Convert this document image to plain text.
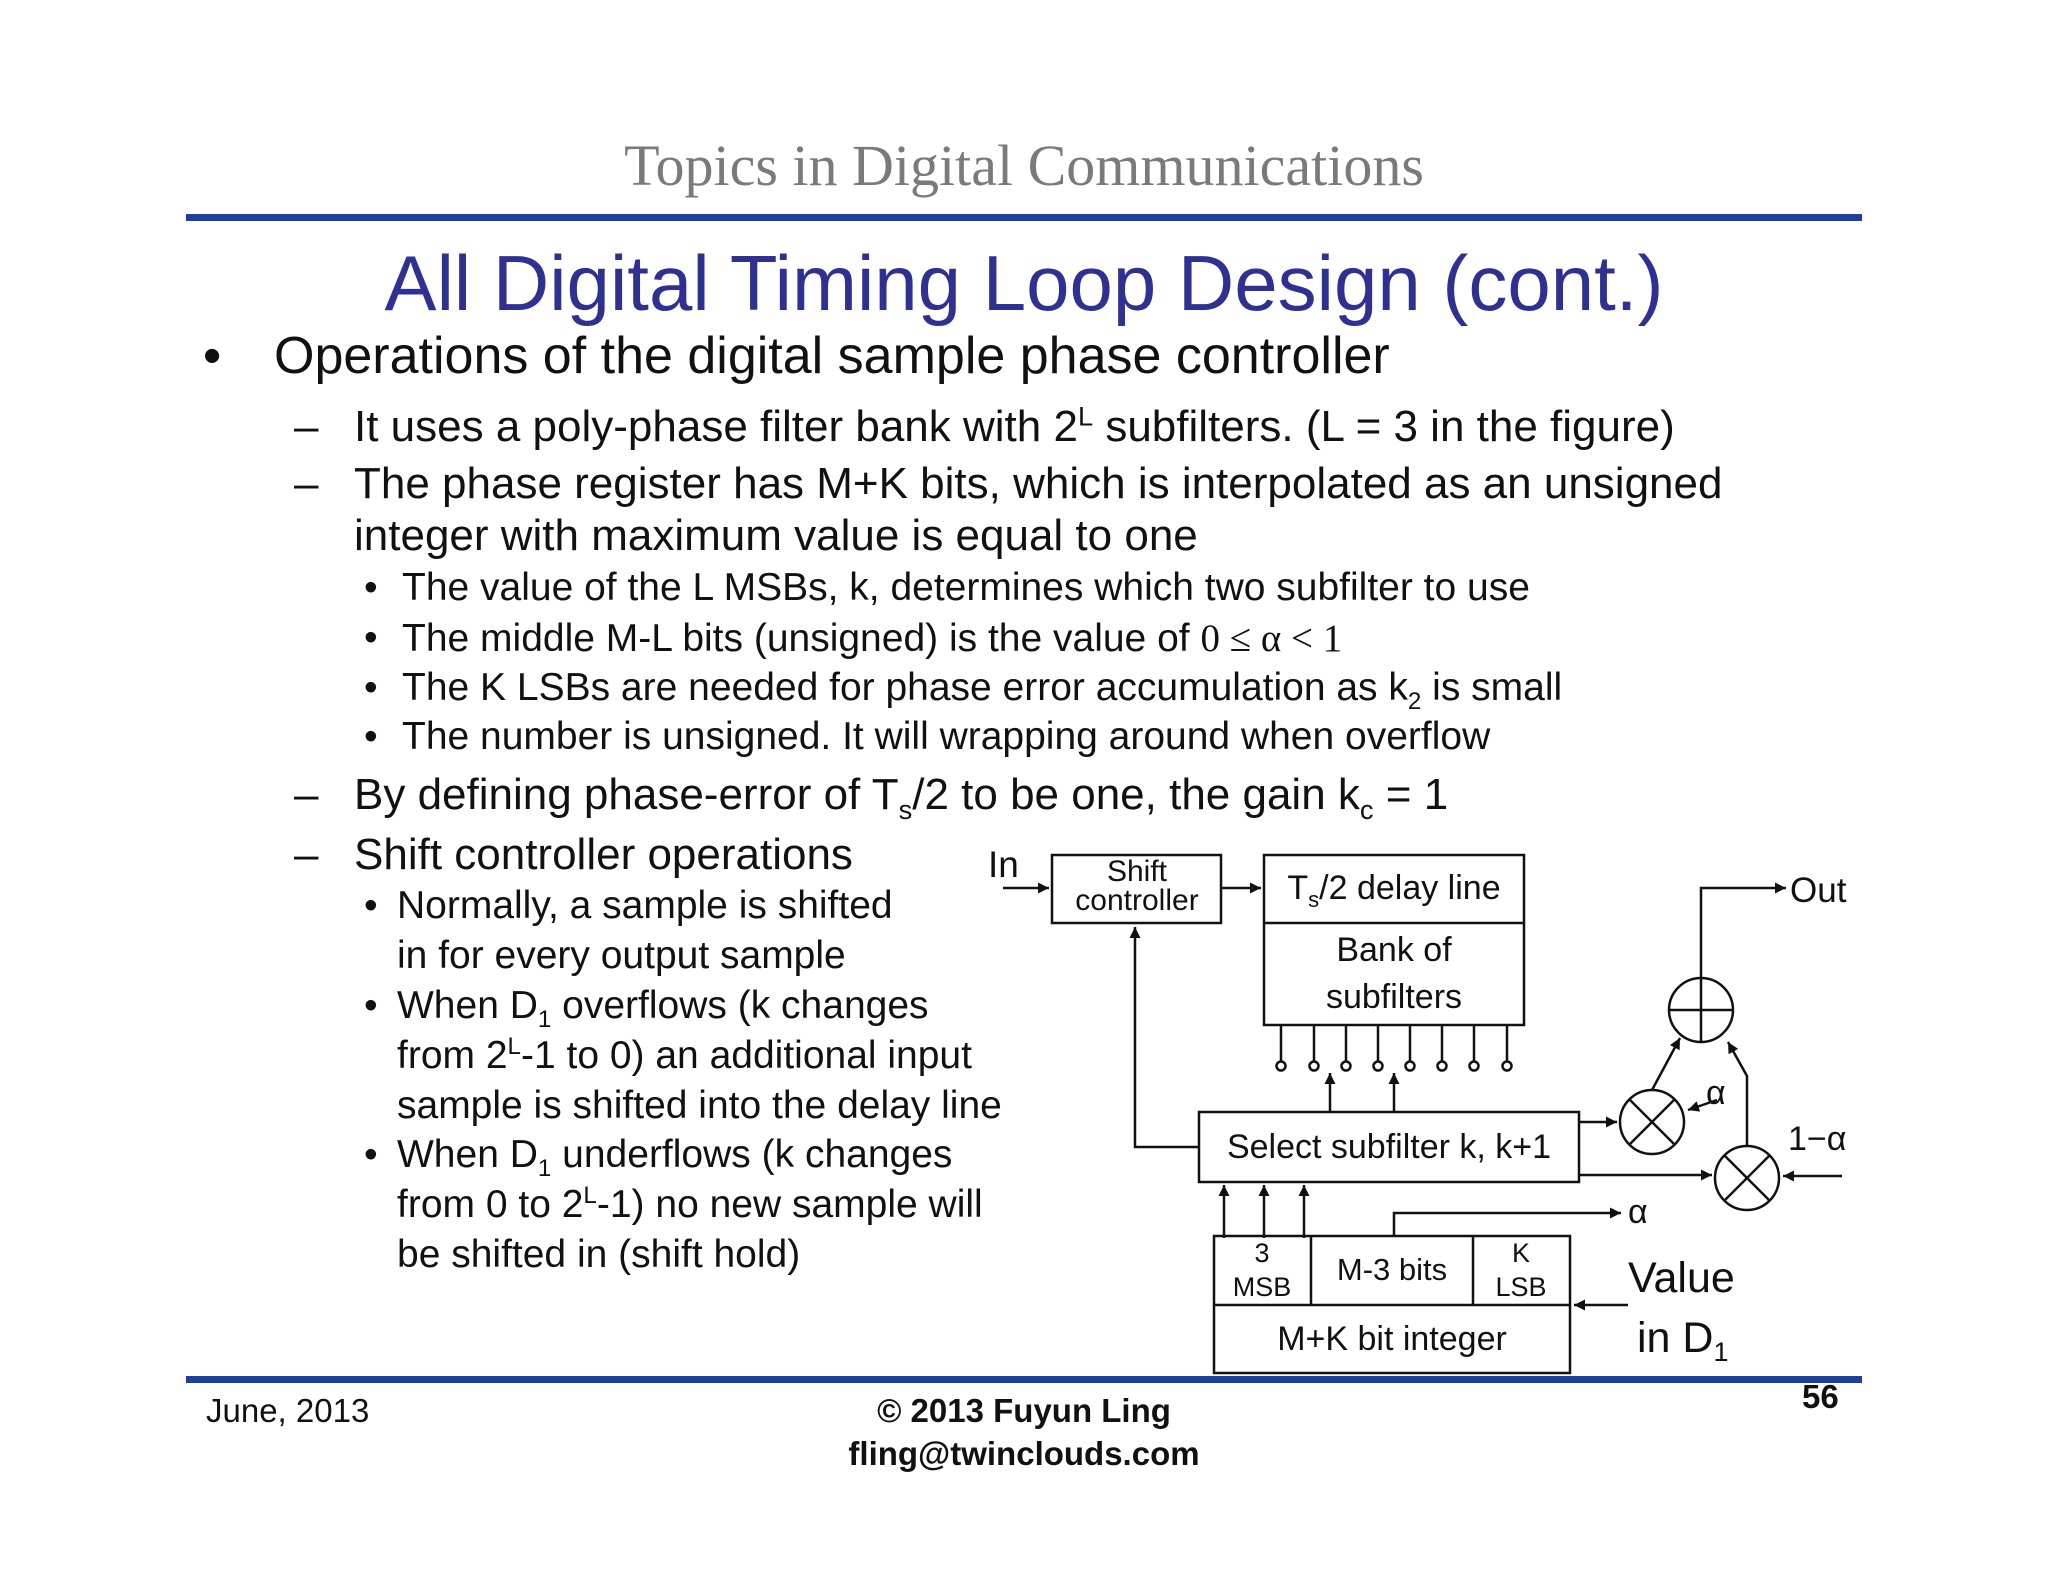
Topics in Digital Communications
All Digital Timing Loop Design (cont.)
• Operations of the digital sample phase controller
– It uses a poly-phase filter bank with $2^L$ subfilters. (L = 3 in the figure)
– The phase register has M+K bits, which is interpolated as an unsigned
integer with maximum value is equal to one
• The value of the L MSBs, k, determines which two subfilter to use
• The middle M-L bits (unsigned) is the value of 0 ≤ α < 1
• The K LSBs are needed for phase error accumulation as $k_2$ is small
• The number is unsigned. It will wrapping around when overflow
– By defining phase-error of $T_s/2$ to be one, the gain $k_c = 1$
– Shift controller operations
• Normally, a sample is shifted
in for every output sample
• When $D_1$ overflows (k changes
from $2^L-1$ to 0) an additional input
sample is shifted into the delay line
• When $D_1$ underflows (k changes
from 0 to $2^L-1$) no new sample will
be shifted in (shift hold)
In	Shift
controller	$T_s/2$ delay line
Bank of
subfilters
Select subfilter k, k+1
Out
α
1−α
α
3
MSB M-3 bits K
LSB
M+K bit integer
Value
in $D_1$
June, 2013	© 2013 Fuyun Ling
fling@twinclouds.com
56
